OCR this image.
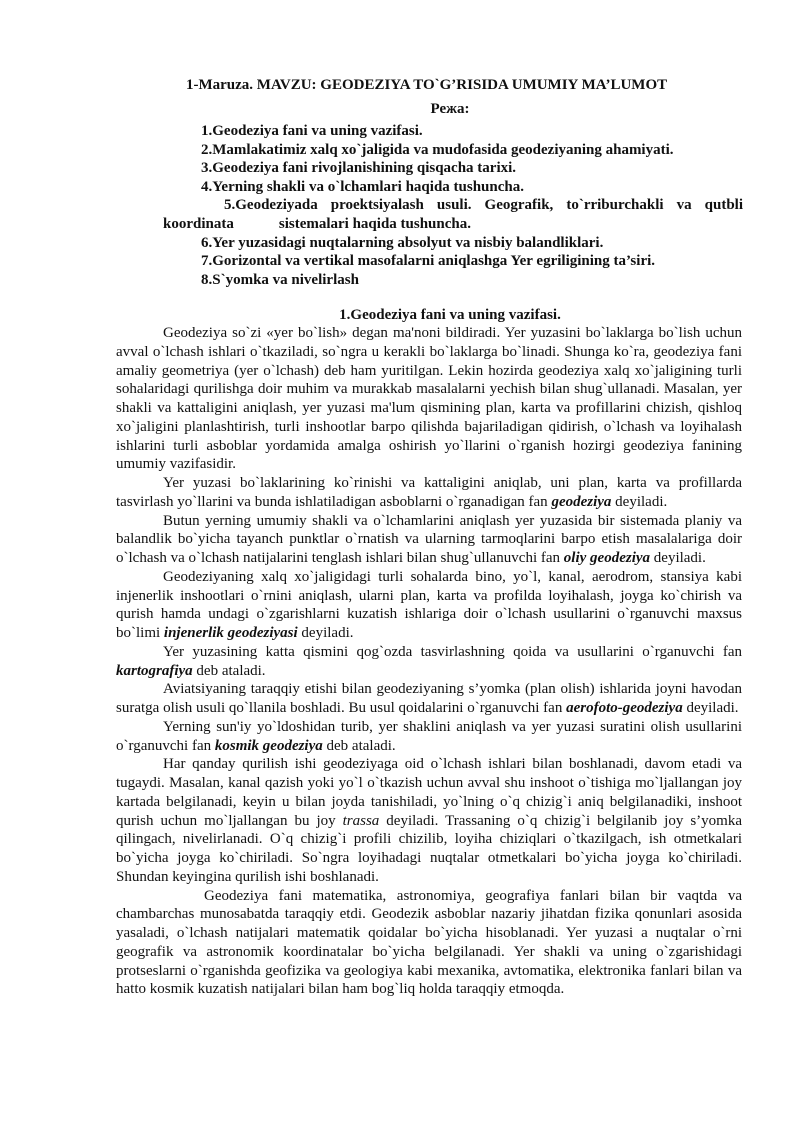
1-Maruza. MAVZU: GEODEZIYA TO`G’RISIDA UMUMIY MA’LUMOT
Режа:
1.Geodeziya fani va uning vazifasi.
2.Mamlakatimiz xalq xo`jaligida va mudofasida geodeziyaning ahamiyati.
3.Geodeziya fani rivojlanishining qisqacha tarixi.
4.Yerning shakli va o`lchamlari haqida tushuncha.
5.Geodeziyada proektsiyalash usuli. Geografik, to`rriburchakli va qutbli
koordinata	sistemalari haqida tushuncha.
6.Yer yuzasidagi nuqtalarning absolyut va nisbiy balandliklari.
7.Gorizontal va vertikal masofalarni aniqlashga Yer egriligining ta’siri.
8.S`yomka va nivelirlash
1.Geodeziya fani va uning vazifasi.

Geodeziya so`zi «yer bo`lish» degan ma'noni bildiradi. Yer yuzasini bo`laklarga bo`lish uchun avval o`lchash ishlari o`tkaziladi, so`ngra u kerakli bo`laklarga bo`linadi. Shunga ko`ra, geodeziya fani amaliy geometriya (yer o`lchash) deb ham yuritilgan. Lekin hozirda geodeziya xalq xo`jaligining turli sohalaridagi qurilishga doir muhim va murakkab masalalarni yechish bilan shug`ullanadi. Masalan, yer shakli va kattaligini aniqlash, yer yuzasi ma'lum qismining plan, karta va profillarini chizish, qishloq xo`jaligini planlashtirish, turli inshootlar barpo qilishda bajariladigan qidirish, o`lchash va loyihalash ishlarini turli asboblar yordamida amalga oshirish yo`llarini o`rganish hozirgi geodeziya fanining umumiy vazifasidir.

Yer yuzasi bo`laklarining ko`rinishi va kattaligini aniqlab, uni plan, karta va profillarda tasvirlash yo`llarini va bunda ishlatiladigan asboblarni o`rganadigan fan geodeziya deyiladi.

Butun yerning umumiy shakli va o`lchamlarini aniqlash yer yuzasida bir sistemada planiy va balandlik bo`yicha tayanch punktlar o`rnatish va ularning tarmoqlarini barpo etish masalalariga doir o`lchash va o`lchash natijalarini tenglash ishlari bilan shug`ullanuvchi fan oliy geodeziya deyiladi.

Geodeziyaning xalq xo`jaligidagi turli sohalarda bino, yo`l, kanal, aerodrom, stansiya kabi injenerlik inshootlari o`rnini aniqlash, ularni plan, karta va profilda loyihalash, joyga ko`chirish va qurish hamda undagi o`zgarishlarni kuzatish ishlariga doir o`lchash usullarini o`rganuvchi maxsus bo`limi injenerlik geodeziyasi deyiladi.

Yer yuzasining katta qismini qog`ozda tasvirlashning qoida va usullarini o`rganuvchi fan kartografiya deb ataladi.

Aviatsiyaning taraqqiy etishi bilan geodeziyaning s’yomka (plan olish) ishlarida joyni havodan suratga olish usuli qo`llanila boshladi. Bu usul qoidalarini o`rganuvchi fan aerofoto-geodeziya deyiladi.

Yerning sun'iy yo`ldoshidan turib, yer shaklini aniqlash va yer yuzasi suratini olish usullarini o`rganuvchi fan kosmik geodeziya deb ataladi.

Har qanday qurilish ishi geodeziyaga oid o`lchash ishlari bilan boshlanadi, davom etadi va tugaydi. Masalan, kanal qazish yoki yo`l o`tkazish uchun avval shu inshoot o`tishiga mo`ljallangan joy kartada belgilanadi, keyin u bilan joyda tanishiladi, yo`lning o`q chizig`i aniq belgilanadiki, inshoot qurish uchun mo`ljallangan bu joy trassa deyiladi. Trassaning o`q chizig`i belgilanib joy s’yomka qilingach, nivelirlanadi. O`q chizig`i profili chizilib, loyiha chiziqlari o`tkazilgach, ish otmetkalari bo`yicha joyga ko`chiriladi. So`ngra loyihadagi nuqtalar otmetkalari bo`yicha joyga ko`chiriladi. Shundan keyingina qurilish ishi boshlanadi.

Geodeziya fani matematika, astronomiya, geografiya fanlari bilan bir vaqtda va chambarchas munosabatda taraqqiy etdi. Geodezik asboblar nazariy jihatdan fizika qonunlari asosida yasaladi, o`lchash natijalari matematik qoidalar bo`yicha hisoblanadi. Yer yuzasi a nuqtalar o`rni geografik va astronomik koordinatalar bo`yicha belgilanadi. Yer shakli va uning o`zgarishidagi protseslarni o`rganishda geofizika va geologiya kabi mexanika, avtomatika, elektronika fanlari bilan va hatto kosmik kuzatish natijalari bilan ham bog`liq holda taraqqiy etmoqda.
